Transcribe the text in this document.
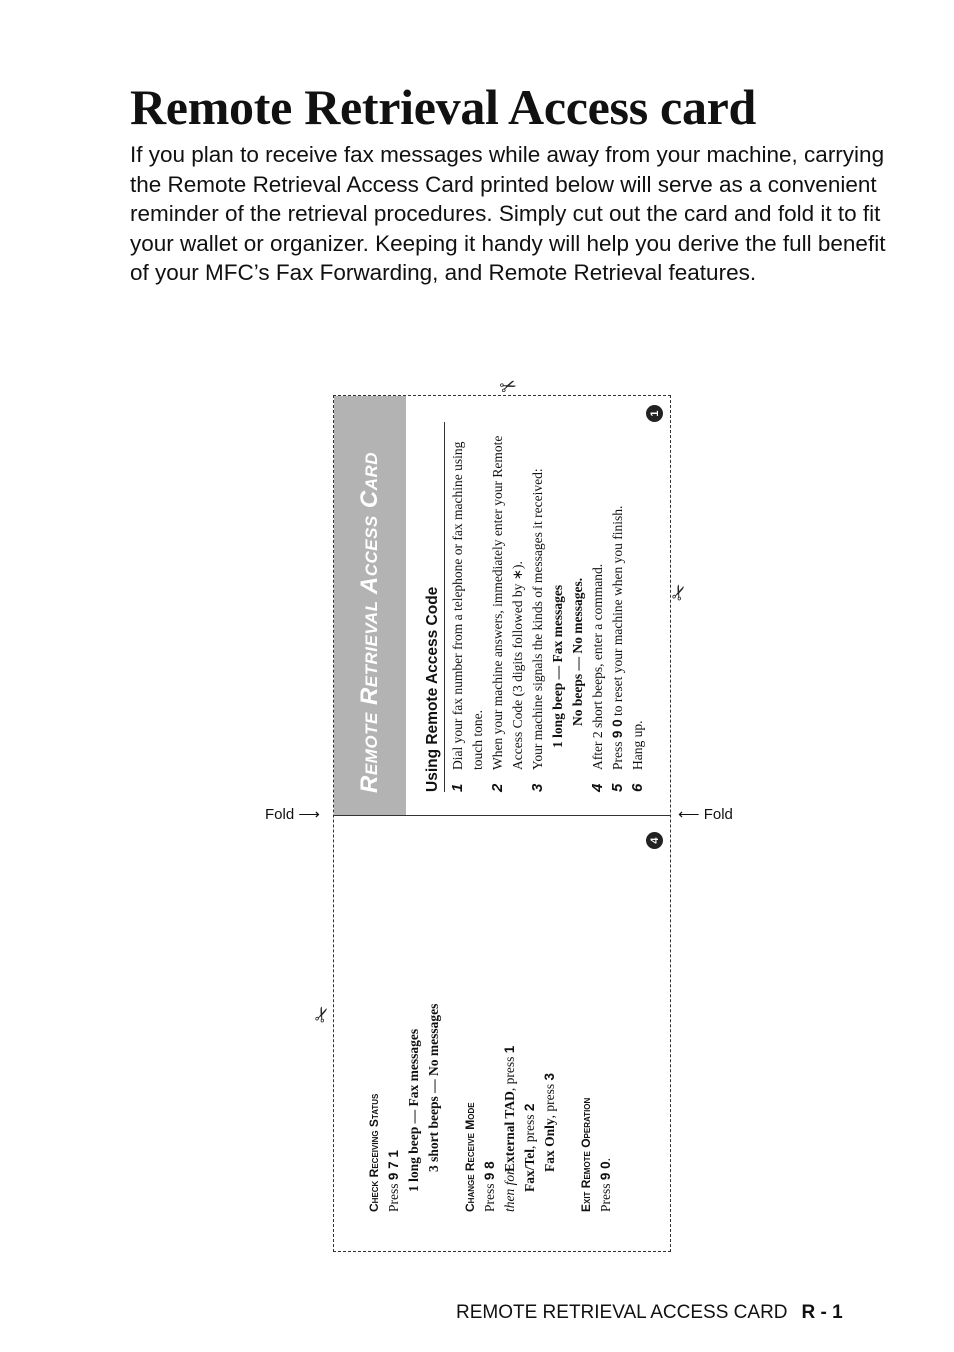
Remote Retrieval Access card

If you plan to receive fax messages while away from your machine, carrying the Remote Retrieval Access Card printed below will serve as a convenient reminder of the retrieval procedures. Simply cut out the card and fold it to fit your wallet or organizer. Keeping it handy will help you derive the full benefit of your MFC’s Fax Forwarding, and Remote Retrieval features.

✂
✂
✂
1
4
Fold ⟶	⟵ Fold
Remote Retrieval Access Card	Using Remote Access Code 1
Dial your fax number from a telephone or fax machine using touch tone.
2
When your machine answers, immediately enter your Remote Access Code (3 digits followed by ∗).
3
Your machine signals the kinds of messages it received: 1 long beep — Fax messages No beeps — No messages.
4
After 2 short beeps, enter a command.
5
Press 9 0 to reset your machine when you finish.
6
Hang up.
Check Receiving Status Press 9 7 1 1 long beep — Fax messages 3 short beeps — No messages Change Receive Mode Press 9 8 then forExternal TAD, press 1
Fax/Tel, press 2
Fax Only, press 3
Exit Remote Operation Press 9 0.
REMOTE RETRIEVAL ACCESS CARD R - 1
